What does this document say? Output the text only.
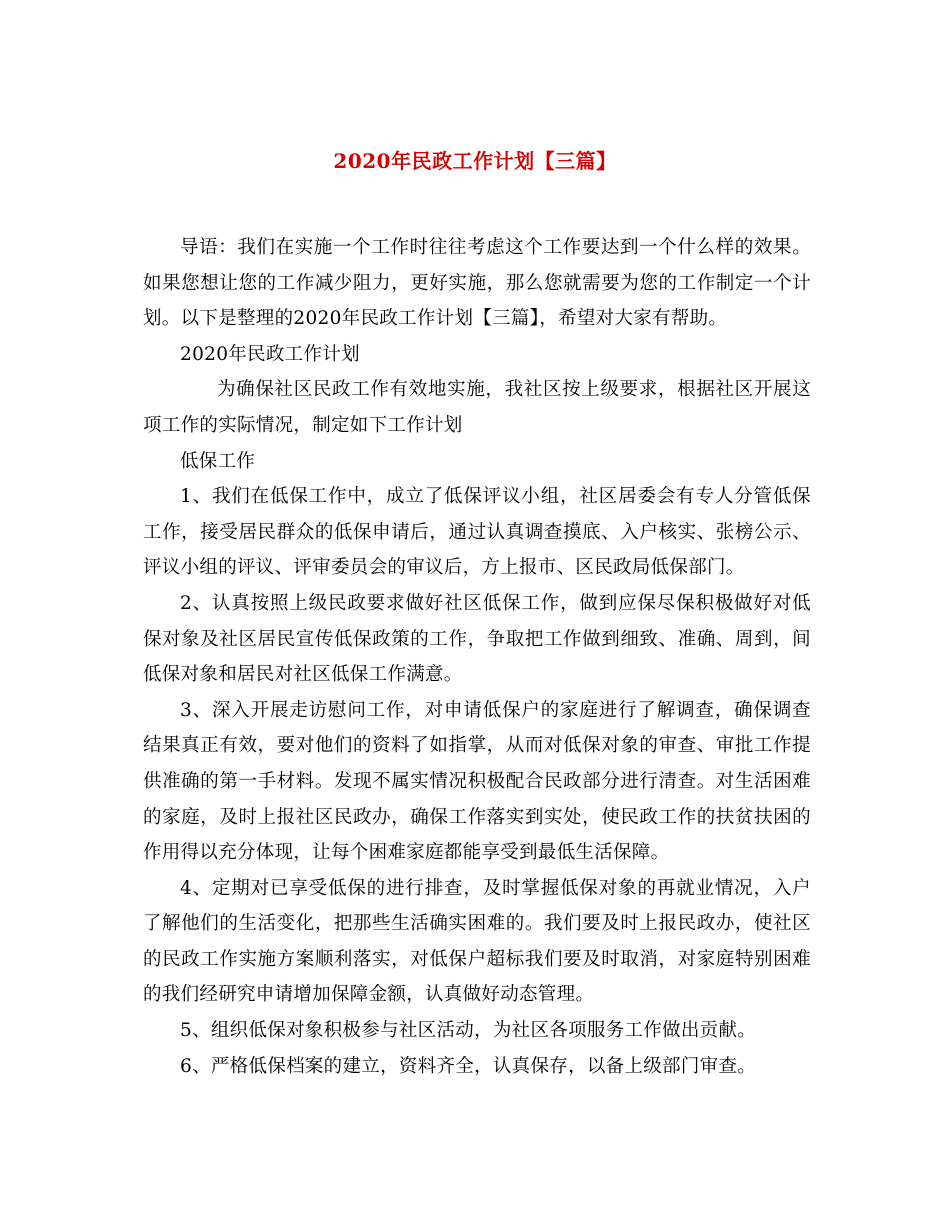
2020年民政工作计划【三篇】

导语：我们在实施一个工作时往往考虑这个工作要达到一个什么样的效果。如果您想让您的工作减少阻力，更好实施，那么您就需要为您的工作制定一个计划。以下是整理的2020年民政工作计划【三篇】，希望对大家有帮助。

2020年民政工作计划

为确保社区民政工作有效地实施，我社区按上级要求，根据社区开展这项工作的实际情况，制定如下工作计划

低保工作

1、我们在低保工作中，成立了低保评议小组，社区居委会有专人分管低保工作，接受居民群众的低保申请后，通过认真调查摸底、入户核实、张榜公示、评议小组的评议、评审委员会的审议后，方上报市、区民政局低保部门。

2、认真按照上级民政要求做好社区低保工作，做到应保尽保积极做好对低保对象及社区居民宣传低保政策的工作，争取把工作做到细致、准确、周到，间低保对象和居民对社区低保工作满意。

3、深入开展走访慰问工作，对申请低保户的家庭进行了解调查，确保调查结果真正有效，要对他们的资料了如指掌，从而对低保对象的审查、审批工作提供准确的第一手材料。发现不属实情况积极配合民政部分进行清查。对生活困难的家庭，及时上报社区民政办，确保工作落实到实处，使民政工作的扶贫扶困的作用得以充分体现，让每个困难家庭都能享受到最低生活保障。

4、定期对已享受低保的进行排查，及时掌握低保对象的再就业情况，入户了解他们的生活变化，把那些生活确实困难的。我们要及时上报民政办，使社区的民政工作实施方案顺利落实，对低保户超标我们要及时取消，对家庭特别困难的我们经研究申请增加保障金额，认真做好动态管理。

5、组织低保对象积极参与社区活动，为社区各项服务工作做出贡献。

6、严格低保档案的建立，资料齐全，认真保存，以备上级部门审查。
